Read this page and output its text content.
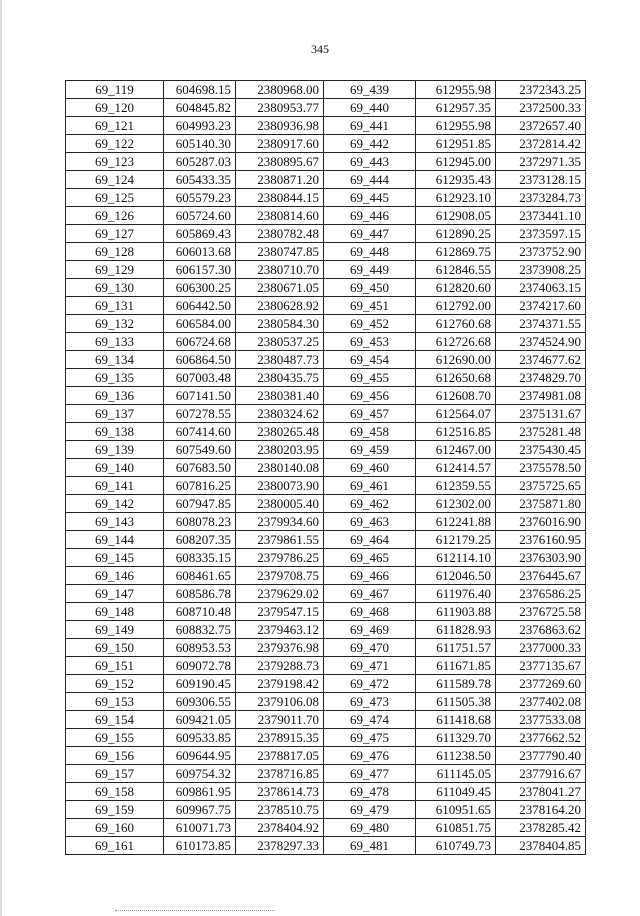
345
69_119	604698.15	2380968.00	69_439	612955.98	2372343.25
69_120	604845.82	2380953.77	69_440	612957.35	2372500.33
69_121	604993.23	2380936.98	69_441	612955.98	2372657.40
69_122	605140.30	2380917.60	69_442	612951.85	2372814.42
69_123	605287.03	2380895.67	69_443	612945.00	2372971.35
69_124	605433.35	2380871.20	69_444	612935.43	2373128.15
69_125	605579.23	2380844.15	69_445	612923.10	2373284.73
69_126	605724.60	2380814.60	69_446	612908.05	2373441.10
69_127	605869.43	2380782.48	69_447	612890.25	2373597.15
69_128	606013.68	2380747.85	69_448	612869.75	2373752.90
69_129	606157.30	2380710.70	69_449	612846.55	2373908.25
69_130	606300.25	2380671.05	69_450	612820.60	2374063.15
69_131	606442.50	2380628.92	69_451	612792.00	2374217.60
69_132	606584.00	2380584.30	69_452	612760.68	2374371.55
69_133	606724.68	2380537.25	69_453	612726.68	2374524.90
69_134	606864.50	2380487.73	69_454	612690.00	2374677.62
69_135	607003.48	2380435.75	69_455	612650.68	2374829.70
69_136	607141.50	2380381.40	69_456	612608.70	2374981.08
69_137	607278.55	2380324.62	69_457	612564.07	2375131.67
69_138	607414.60	2380265.48	69_458	612516.85	2375281.48
69_139	607549.60	2380203.95	69_459	612467.00	2375430.45
69_140	607683.50	2380140.08	69_460	612414.57	2375578.50
69_141	607816.25	2380073.90	69_461	612359.55	2375725.65
69_142	607947.85	2380005.40	69_462	612302.00	2375871.80
69_143	608078.23	2379934.60	69_463	612241.88	2376016.90
69_144	608207.35	2379861.55	69_464	612179.25	2376160.95
69_145	608335.15	2379786.25	69_465	612114.10	2376303.90
69_146	608461.65	2379708.75	69_466	612046.50	2376445.67
69_147	608586.78	2379629.02	69_467	611976.40	2376586.25
69_148	608710.48	2379547.15	69_468	611903.88	2376725.58
69_149	608832.75	2379463.12	69_469	611828.93	2376863.62
69_150	608953.53	2379376.98	69_470	611751.57	2377000.33
69_151	609072.78	2379288.73	69_471	611671.85	2377135.67
69_152	609190.45	2379198.42	69_472	611589.78	2377269.60
69_153	609306.55	2379106.08	69_473	611505.38	2377402.08
69_154	609421.05	2379011.70	69_474	611418.68	2377533.08
69_155	609533.85	2378915.35	69_475	611329.70	2377662.52
69_156	609644.95	2378817.05	69_476	611238.50	2377790.40
69_157	609754.32	2378716.85	69_477	611145.05	2377916.67
69_158	609861.95	2378614.73	69_478	611049.45	2378041.27
69_159	609967.75	2378510.75	69_479	610951.65	2378164.20
69_160	610071.73	2378404.92	69_480	610851.75	2378285.42
69_161	610173.85	2378297.33	69_481	610749.73	2378404.85
